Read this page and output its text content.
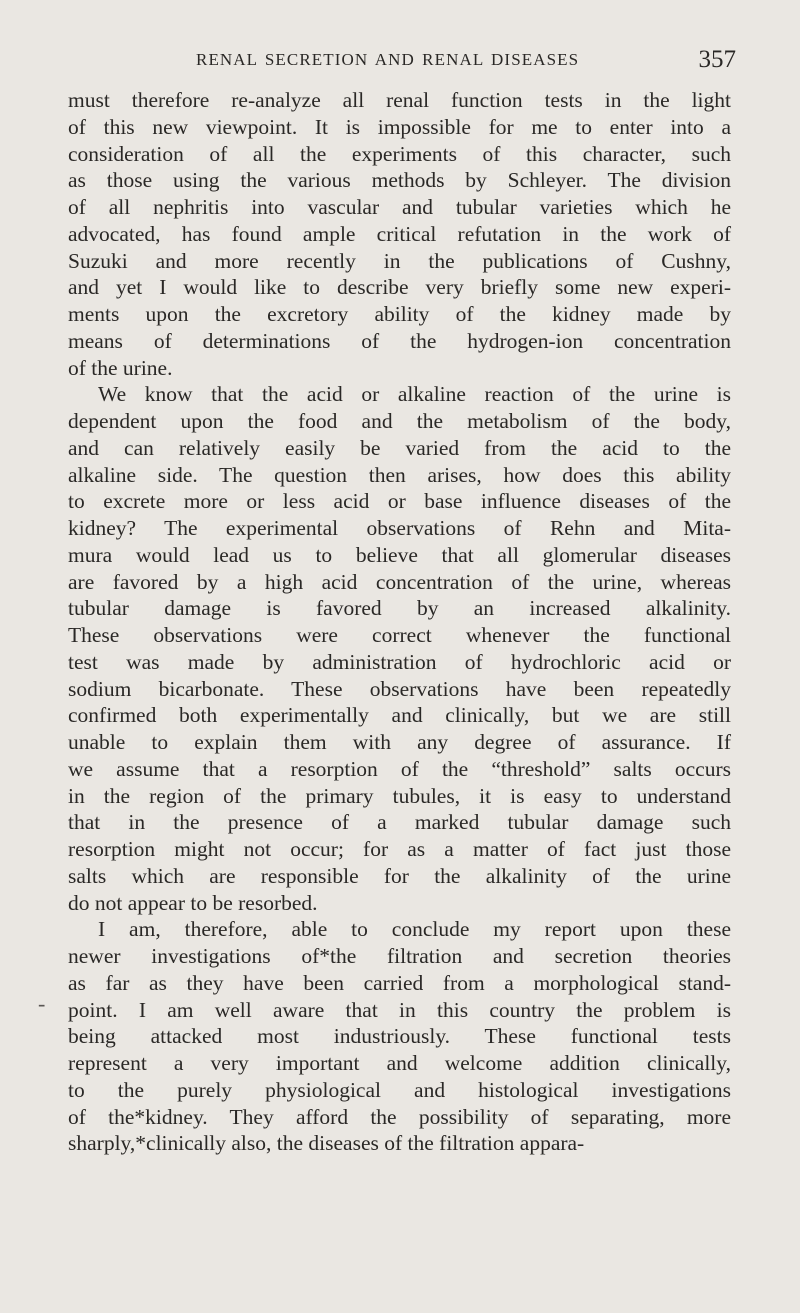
RENAL SECRETION AND RENAL DISEASES	357
-
must therefore re-analyze all renal function tests in the light
of this new viewpoint. It is impossible for me to enter into a
consideration of all the experiments of this character, such
as those using the various methods by Schleyer. The division
of all nephritis into vascular and tubular varieties which he
advocated, has found ample critical refutation in the work of
Suzuki and more recently in the publications of Cushny,
and yet I would like to describe very briefly some new experi-
ments upon the excretory ability of the kidney made by
means of determinations of the hydrogen-ion concentration
of the urine.
We know that the acid or alkaline reaction of the urine is
dependent upon the food and the metabolism of the body,
and can relatively easily be varied from the acid to the
alkaline side. The question then arises, how does this ability
to excrete more or less acid or base influence diseases of the
kidney? The experimental observations of Rehn and Mita-
mura would lead us to believe that all glomerular diseases
are favored by a high acid concentration of the urine, whereas
tubular damage is favored by an increased alkalinity.
These observations were correct whenever the functional
test was made by administration of hydrochloric acid or
sodium bicarbonate. These observations have been repeatedly
confirmed both experimentally and clinically, but we are still
unable to explain them with any degree of assurance. If
we assume that a resorption of the “threshold” salts occurs
in the region of the primary tubules, it is easy to understand
that in the presence of a marked tubular damage such
resorption might not occur; for as a matter of fact just those
salts which are responsible for the alkalinity of the urine
do not appear to be resorbed.
I am, therefore, able to conclude my report upon these
newer investigations of*the filtration and secretion theories
as far as they have been carried from a morphological stand-
point. I am well aware that in this country the problem is
being attacked most industriously. These functional tests
represent a very important and welcome addition clinically,
to the purely physiological and histological investigations
of the*kidney. They afford the possibility of separating, more
sharply,*clinically also, the diseases of the filtration appara-
